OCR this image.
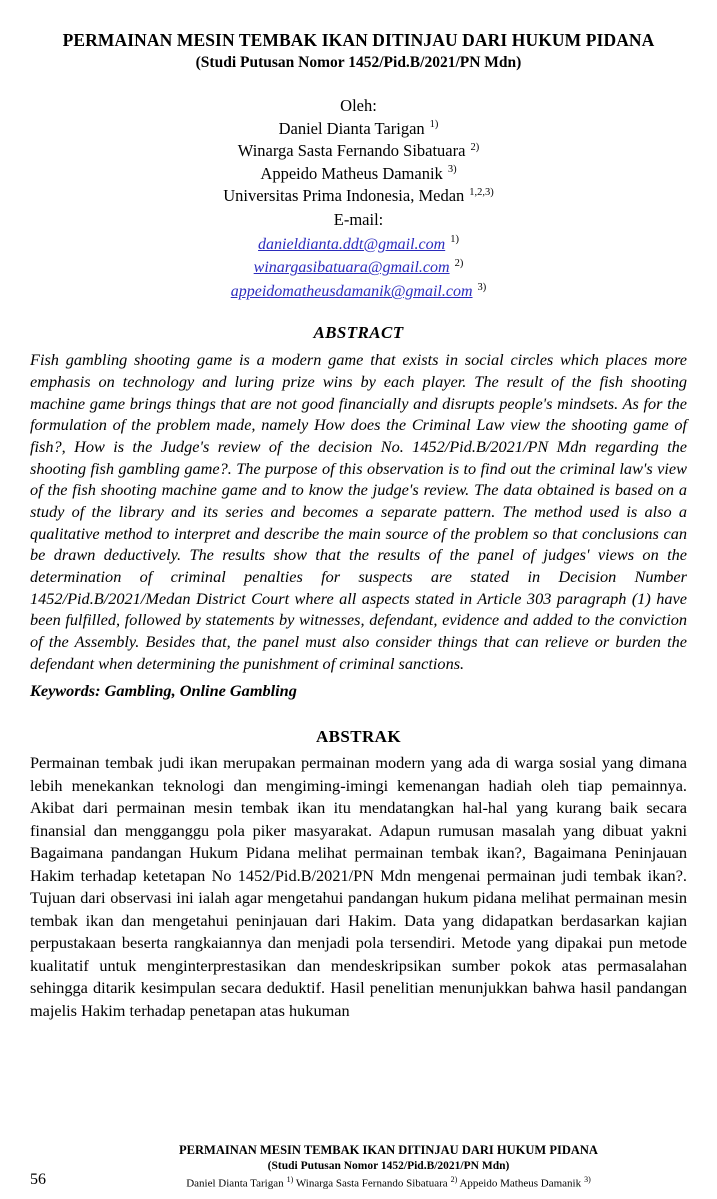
PERMAINAN MESIN TEMBAK IKAN DITINJAU DARI HUKUM PIDANA
(Studi Putusan Nomor 1452/Pid.B/2021/PN Mdn)
Oleh:
Daniel Dianta Tarigan $^{1)}$
Winarga Sasta Fernando Sibatuara $^{2)}$
Appeido Matheus Damanik $^{3)}$
Universitas Prima Indonesia, Medan $^{1,2,3)}$
E-mail:
danieldianta.ddt@gmail.com $^{1)}$
winargasibatuara@gmail.com $^{2)}$
appeidomatheusdamanik@gmail.com $^{3)}$
ABSTRACT
Fish gambling shooting game is a modern game that exists in social circles which places more emphasis on technology and luring prize wins by each player. The result of the fish shooting machine game brings things that are not good financially and disrupts people's mindsets. As for the formulation of the problem made, namely How does the Criminal Law view the shooting game of fish?, How is the Judge's review of the decision No. 1452/Pid.B/2021/PN Mdn regarding the shooting fish gambling game?. The purpose of this observation is to find out the criminal law's view of the fish shooting machine game and to know the judge's review. The data obtained is based on a study of the library and its series and becomes a separate pattern. The method used is also a qualitative method to interpret and describe the main source of the problem so that conclusions can be drawn deductively. The results show that the results of the panel of judges' views on the determination of criminal penalties for suspects are stated in Decision Number 1452/Pid.B/2021/Medan District Court where all aspects stated in Article 303 paragraph (1) have been fulfilled, followed by statements by witnesses, defendant, evidence and added to the conviction of the Assembly. Besides that, the panel must also consider things that can relieve or burden the defendant when determining the punishment of criminal sanctions.
Keywords: Gambling, Online Gambling
ABSTRAK
Permainan tembak judi ikan merupakan permainan modern yang ada di warga sosial yang dimana lebih menekankan teknologi dan mengiming-imingi kemenangan hadiah oleh tiap pemainnya. Akibat dari permainan mesin tembak ikan itu mendatangkan hal-hal yang kurang baik secara finansial dan mengganggu pola piker masyarakat. Adapun rumusan masalah yang dibuat yakni Bagaimana pandangan Hukum Pidana melihat permainan tembak ikan?, Bagaimana Peninjauan Hakim terhadap ketetapan No 1452/Pid.B/2021/PN Mdn mengenai permainan judi tembak ikan?. Tujuan dari observasi ini ialah agar mengetahui pandangan hukum pidana melihat permainan mesin tembak ikan dan mengetahui peninjauan dari Hakim. Data yang didapatkan berdasarkan kajian perpustakaan beserta rangkaiannya dan menjadi pola tersendiri. Metode yang dipakai pun metode kualitatif untuk menginterprestasikan dan mendeskripsikan sumber pokok atas permasalahan sehingga ditarik kesimpulan secara deduktif. Hasil penelitian menunjukkan bahwa hasil pandangan majelis Hakim terhadap penetapan atas hukuman
56
PERMAINAN MESIN TEMBAK IKAN DITINJAU DARI HUKUM PIDANA
(Studi Putusan Nomor 1452/Pid.B/2021/PN Mdn)
Daniel Dianta Tarigan $^{1)}$ Winarga Sasta Fernando Sibatuara $^{2)}$ Appeido Matheus Damanik $^{3)}$
